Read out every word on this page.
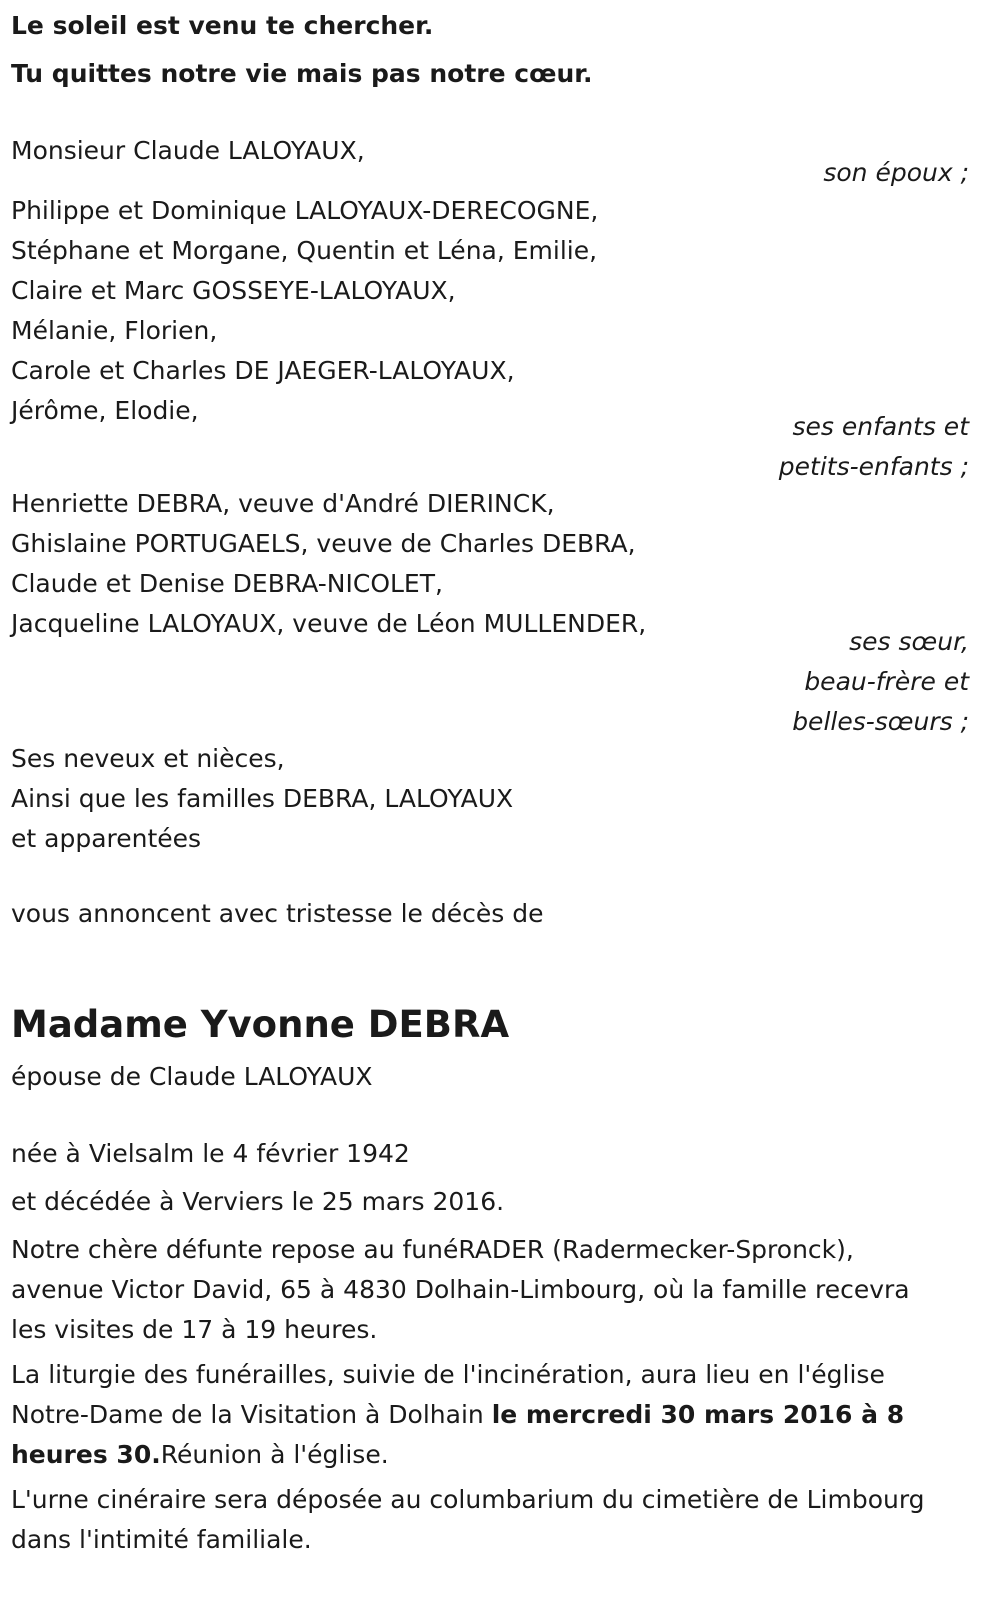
Le soleil est venu te chercher.

Tu quittes notre vie mais pas notre cœur.

Monsieur Claude LALOYAUX,
son époux ;
Philippe et Dominique LALOYAUX-DERECOGNE,
Stéphane et Morgane, Quentin et Léna, Emilie,
Claire et Marc GOSSEYE-LALOYAUX,
Mélanie, Florien,
Carole et Charles DE JAEGER-LALOYAUX,
Jérôme, Elodie,
ses enfants et
petits-enfants ;
Henriette DEBRA, veuve d'André DIERINCK,
Ghislaine PORTUGAELS, veuve de Charles DEBRA,
Claude et Denise DEBRA-NICOLET,
Jacqueline LALOYAUX, veuve de Léon MULLENDER,
ses sœur,
beau-frère et
belles-sœurs ;
Ses neveux et nièces,
Ainsi que les familles DEBRA, LALOYAUX
et apparentées
vous annoncent avec tristesse le décès de
Madame Yvonne DEBRA
épouse de Claude LALOYAUX
née à Vielsalm le 4 février 1942
et décédée à Verviers le 25 mars 2016.
Notre chère défunte repose au funéRADER (Radermecker-Spronck),
avenue Victor David, 65 à 4830 Dolhain-Limbourg, où la famille recevra
les visites de 17 à 19 heures.
La liturgie des funérailles, suivie de l'incinération, aura lieu en l'église
Notre-Dame de la Visitation à Dolhain le mercredi 30 mars 2016 à 8
heures 30.Réunion à l'église.
L'urne cinéraire sera déposée au columbarium du cimetière de Limbourg
dans l'intimité familiale.
